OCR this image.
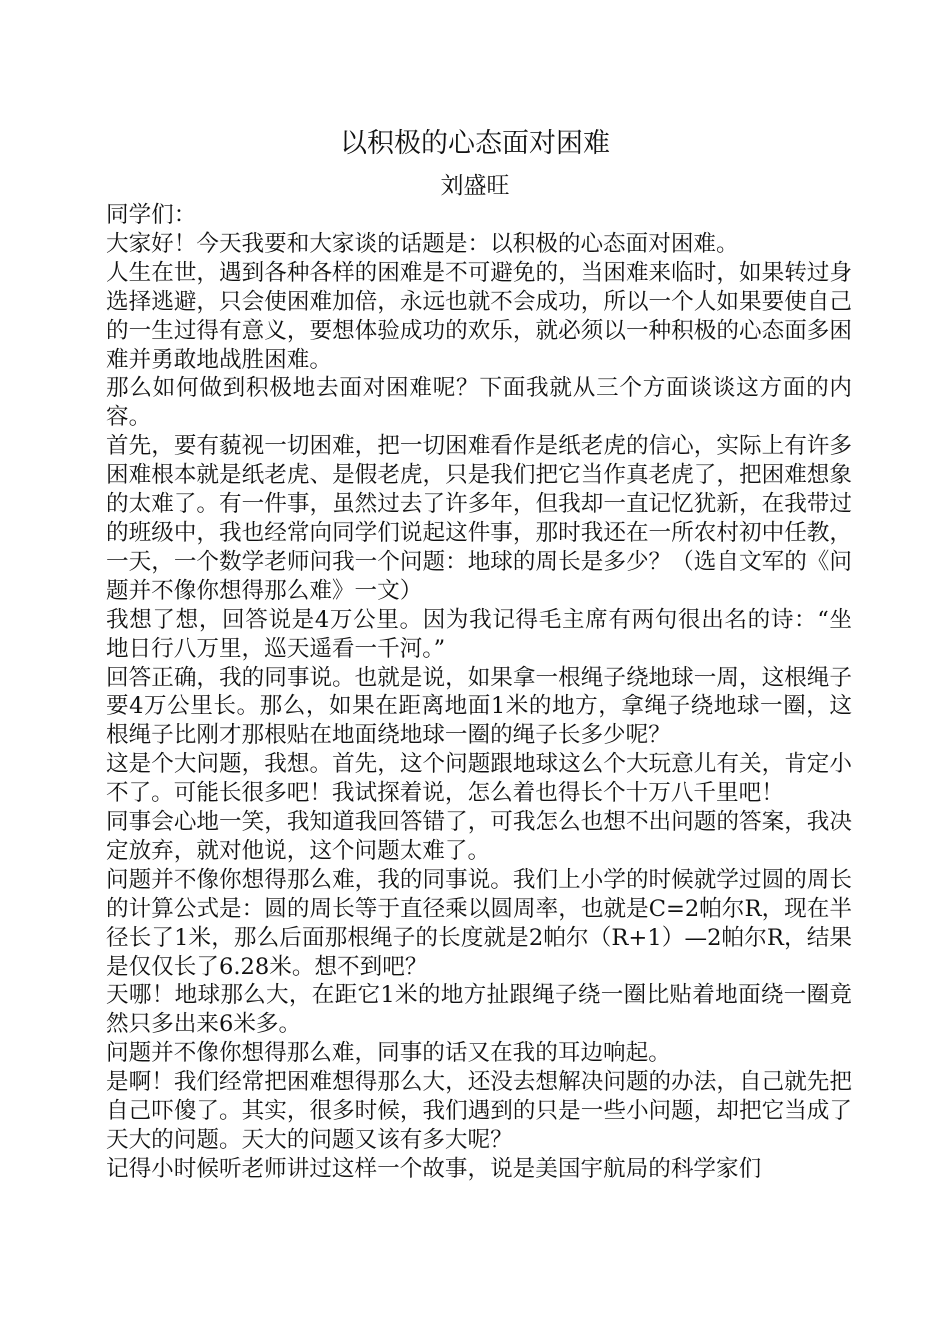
以积极的心态面对困难
刘盛旺

同学们：

大家好！今天我要和大家谈的话题是：以积极的心态面对困难。

人生在世，遇到各种各样的困难是不可避免的，当困难来临时，如果转过身选择逃避，只会使困难加倍，永远也就不会成功，所以一个人如果要使自己的一生过得有意义，要想体验成功的欢乐，就必须以一种积极的心态面多困难并勇敢地战胜困难。

那么如何做到积极地去面对困难呢？下面我就从三个方面谈谈这方面的内容。

首先，要有藐视一切困难，把一切困难看作是纸老虎的信心，实际上有许多困难根本就是纸老虎、是假老虎，只是我们把它当作真老虎了，把困难想象的太难了。有一件事，虽然过去了许多年，但我却一直记忆犹新，在我带过的班级中，我也经常向同学们说起这件事，那时我还在一所农村初中任教，一天，一个数学老师问我一个问题：地球的周长是多少？（选自文军的《问题并不像你想得那么难》一文）

我想了想，回答说是4万公里。因为我记得毛主席有两句很出名的诗：“坐地日行八万里，巡天遥看一千河。”

回答正确，我的同事说。也就是说，如果拿一根绳子绕地球一周，这根绳子要4万公里长。那么，如果在距离地面1米的地方，拿绳子绕地球一圈，这根绳子比刚才那根贴在地面绕地球一圈的绳子长多少呢？

这是个大问题，我想。首先，这个问题跟地球这么个大玩意儿有关，肯定小不了。可能长很多吧！我试探着说，怎么着也得长个十万八千里吧！

同事会心地一笑，我知道我回答错了，可我怎么也想不出问题的答案，我决定放弃，就对他说，这个问题太难了。

问题并不像你想得那么难，我的同事说。我们上小学的时候就学过圆的周长的计算公式是：圆的周长等于直径乘以圆周率，也就是C=2帕尔R，现在半径长了1米，那么后面那根绳子的长度就是2帕尔（R+1）—2帕尔R，结果是仅仅长了6.28米。想不到吧？

天哪！地球那么大，在距它1米的地方扯跟绳子绕一圈比贴着地面绕一圈竟然只多出来6米多。

问题并不像你想得那么难，同事的话又在我的耳边响起。

是啊！我们经常把困难想得那么大，还没去想解决问题的办法，自己就先把自己吓傻了。其实，很多时候，我们遇到的只是一些小问题，却把它当成了天大的问题。天大的问题又该有多大呢？

记得小时候听老师讲过这样一个故事，说是美国宇航局的科学家们
